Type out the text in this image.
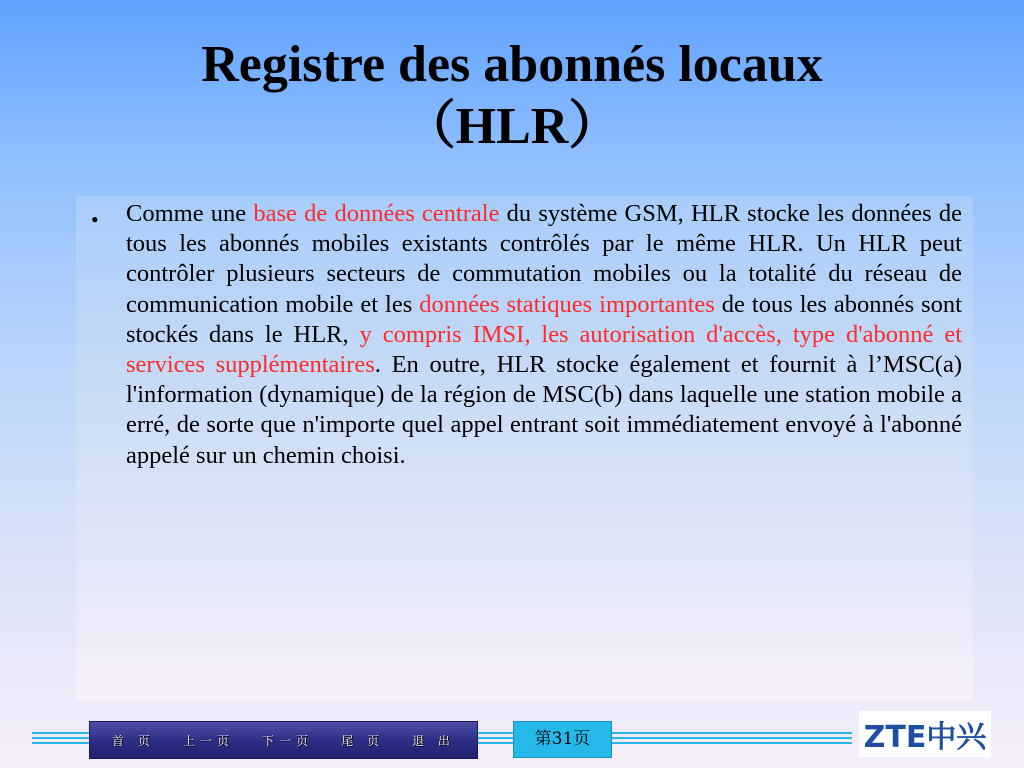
Registre des abonnés locaux
（HLR）
• Comme une base de données centrale du système GSM, HLR stocke les données de tous les abonnés mobiles existants contrôlés par le même HLR. Un HLR peut contrôler plusieurs secteurs de commutation mobiles ou la totalité du réseau de communication mobile et les données statiques importantes de tous les abonnés sont stockés dans le HLR, y compris IMSI, les autorisation d'accès, type d'abonné et services supplémentaires. En outre, HLR stocke également et fournit à l’MSC(a) l'information (dynamique) de la région de MSC(b) dans laquelle une station mobile a erré, de sorte que n'importe quel appel entrant soit immédiatement envoyé à l'abonné appelé sur un chemin choisi.

首 页 上一页 下一页 尾 页 退 出	第31页	ZTE中兴
